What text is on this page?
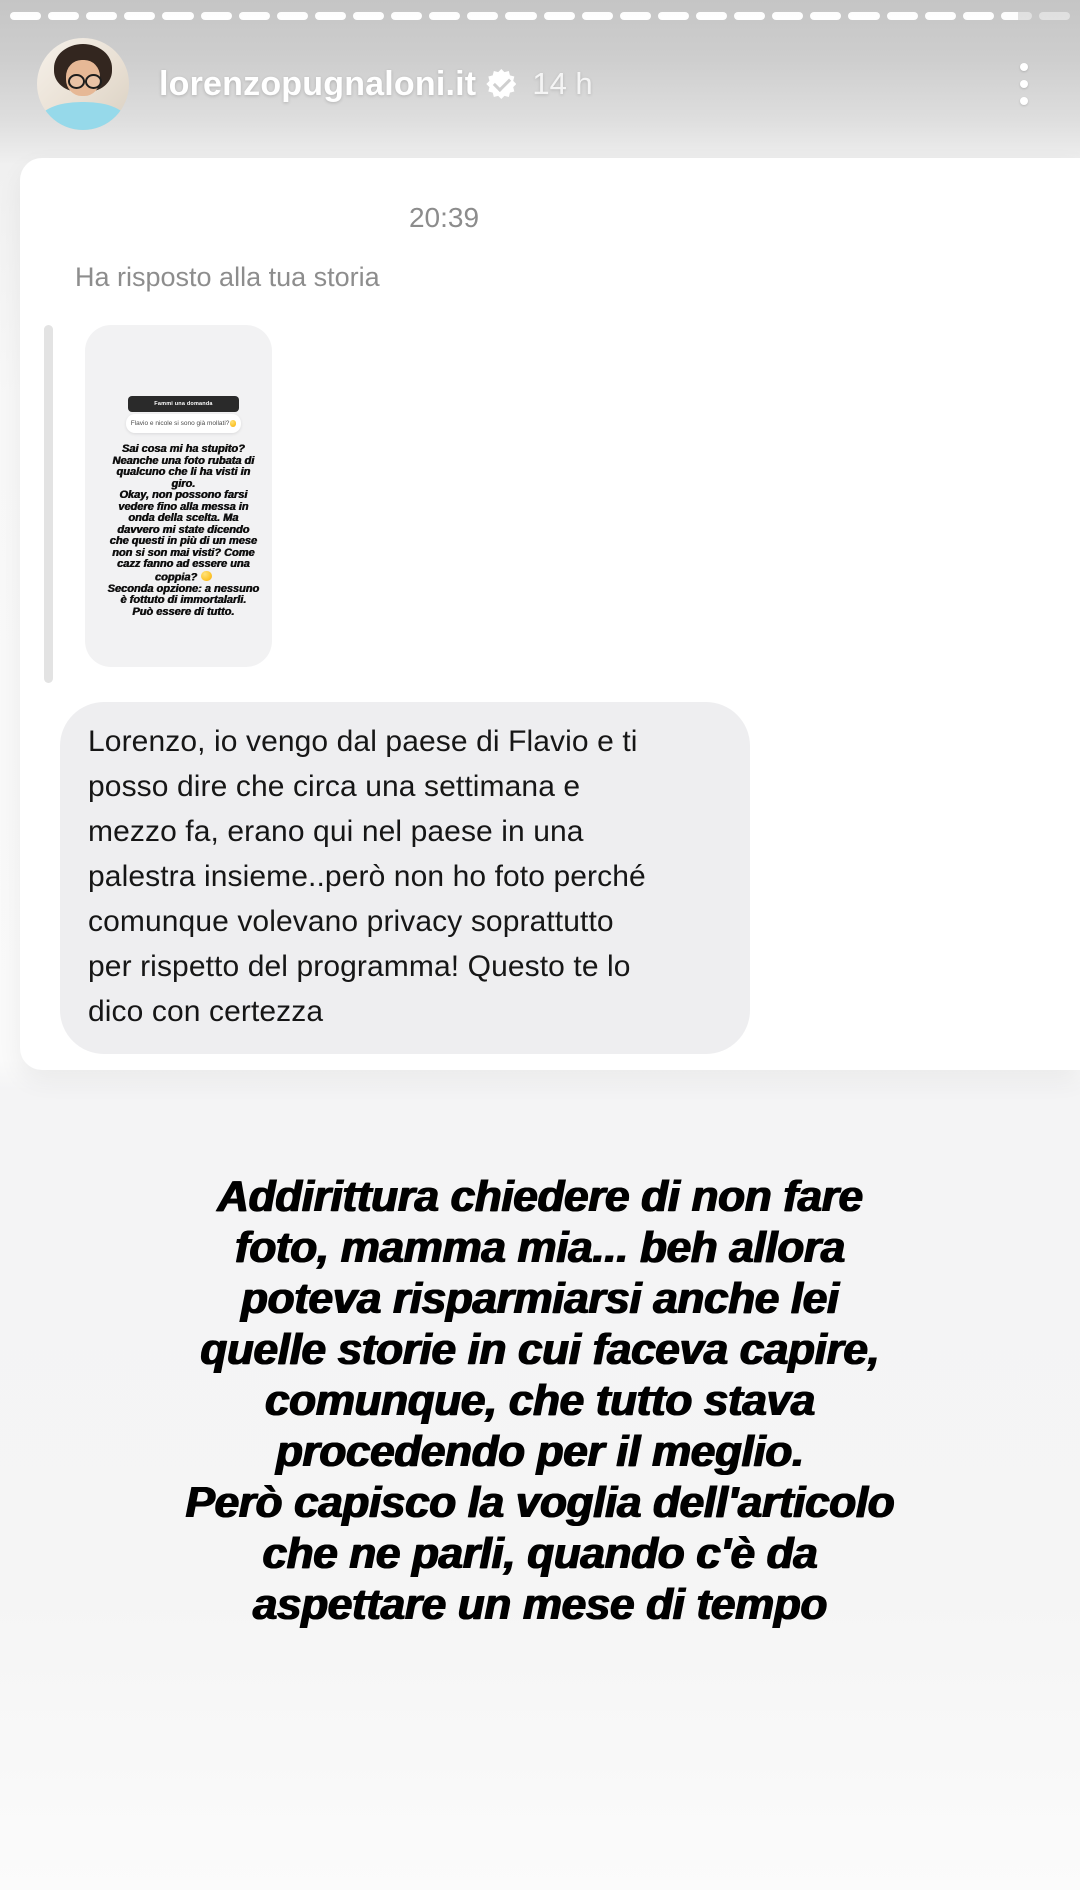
lorenzopugnaloni.it 14 h
20:39
Ha risposto alla tua storia
Fammi una domanda
Flavio e nicole si sono già mollati?
Sai cosa mi ha stupito?
Neanche una foto rubata di
qualcuno che li ha visti in
giro.
Okay, non possono farsi
vedere fino alla messa in
onda della scelta. Ma
davvero mi state dicendo
che questi in più di un mese
non si son mai visti? Come
cazz fanno ad essere una
coppia?
Seconda opzione: a nessuno
è fottuto di immortalarli.
Può essere di tutto.
Lorenzo, io vengo dal paese di Flavio e ti
posso dire che circa una settimana e
mezzo fa, erano qui nel paese in una
palestra insieme..però non ho foto perché
comunque volevano privacy soprattutto
per rispetto del programma! Questo te lo
dico con certezza
Addirittura chiedere di non fare
foto, mamma mia... beh allora
poteva risparmiarsi anche lei
quelle storie in cui faceva capire,
comunque, che tutto stava
procedendo per il meglio.
Però capisco la voglia dell'articolo
che ne parli, quando c'è da
aspettare un mese di tempo
